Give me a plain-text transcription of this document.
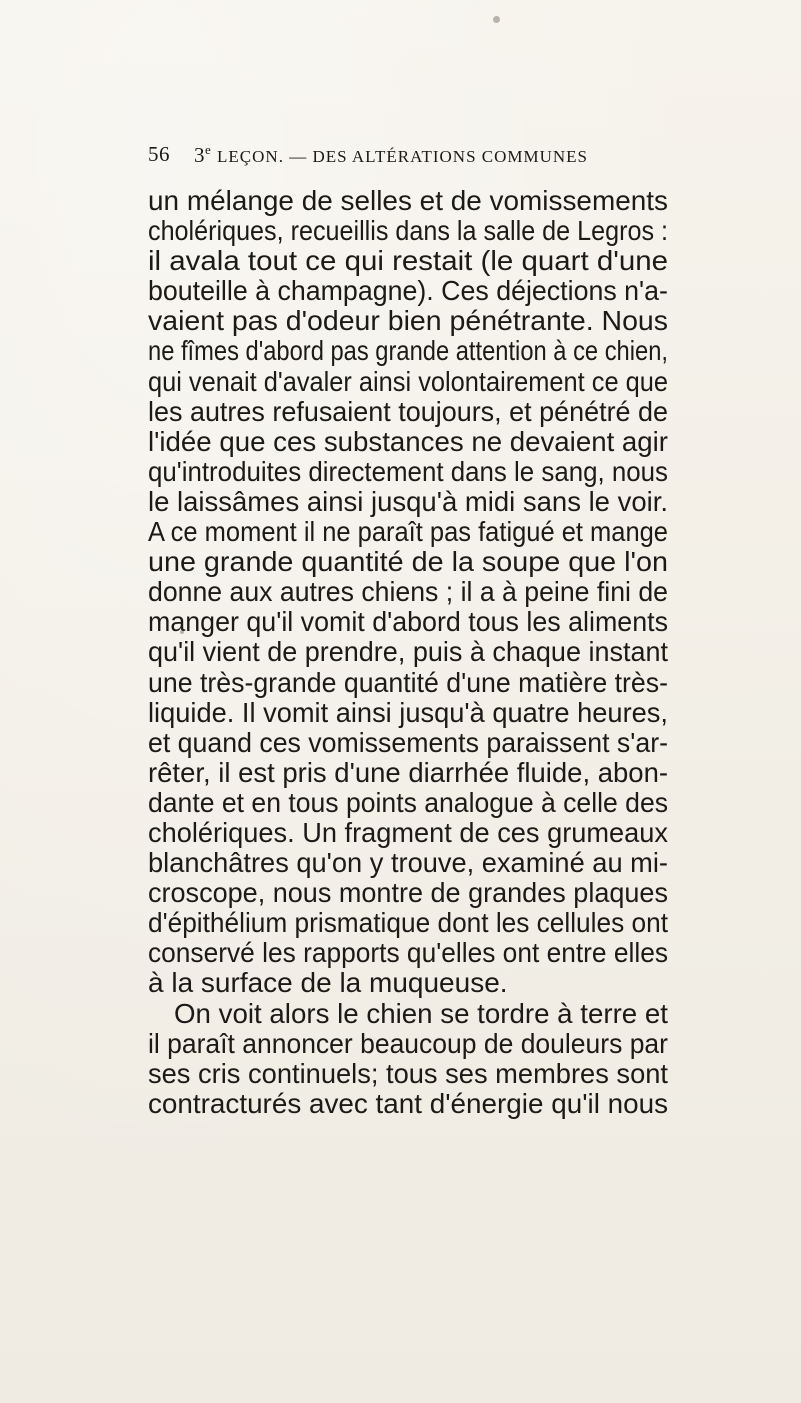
56 3e LEÇON. — DES ALTÉRATIONS COMMUNES
un mélange de selles et de vomissements
cholériques, recueillis dans la salle de Legros :
il avala tout ce qui restait (le quart d'une
bouteille à champagne). Ces déjections n'a-
vaient pas d'odeur bien pénétrante. Nous
ne fîmes d'abord pas grande attention à ce chien,
qui venait d'avaler ainsi volontairement ce que
les autres refusaient toujours, et pénétré de
l'idée que ces substances ne devaient agir
qu'introduites directement dans le sang, nous
le laissâmes ainsi jusqu'à midi sans le voir.
A ce moment il ne paraît pas fatigué et mange
une grande quantité de la soupe que l'on
donne aux autres chiens ; il a à peine fini de
manger qu'il vomit d'abord tous les aliments
qu'il vient de prendre, puis à chaque instant
une très-grande quantité d'une matière très-
liquide. Il vomit ainsi jusqu'à quatre heures,
et quand ces vomissements paraissent s'ar-
rêter, il est pris d'une diarrhée fluide, abon-
dante et en tous points analogue à celle des
cholériques. Un fragment de ces grumeaux
blanchâtres qu'on y trouve, examiné au mi-
croscope, nous montre de grandes plaques
d'épithélium prismatique dont les cellules ont
conservé les rapports qu'elles ont entre elles
à la surface de la muqueuse.
On voit alors le chien se tordre à terre et
il paraît annoncer beaucoup de douleurs par
ses cris continuels; tous ses membres sont
contracturés avec tant d'énergie qu'il nous
